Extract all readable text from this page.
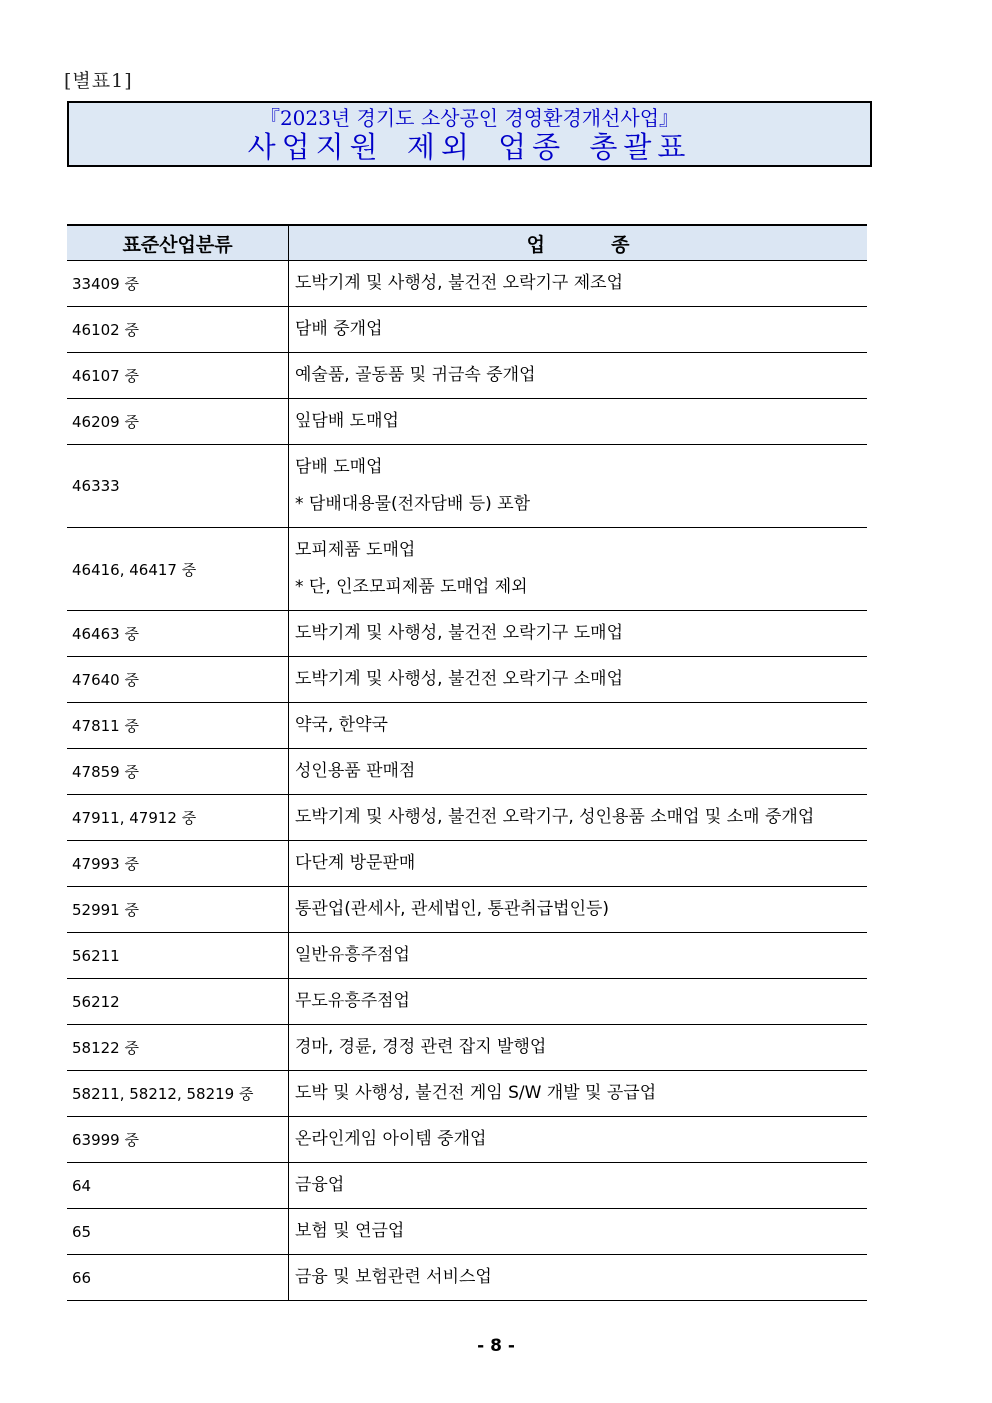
[별표1]
『2023년 경기도 소상공인 경영환경개선사업』
사업지원 제외 업종 총괄표
표준산업분류	업          종
33409 중	도박기계 및 사행성, 불건전 오락기구 제조업

46102 중	담배 중개업

46107 중	예술품, 골동품 및 귀금속 중개업

46209 중	잎담배 도매업

46333	담배 도매업
* 담배대용물(전자담배 등) 포함

46416, 46417 중	모피제품 도매업
* 단, 인조모피제품 도매업 제외

46463 중	도박기계 및 사행성, 불건전 오락기구 도매업

47640 중	도박기계 및 사행성, 불건전 오락기구 소매업

47811 중	약국, 한약국

47859 중	성인용품 판매점

47911, 47912 중	도박기계 및 사행성, 불건전 오락기구, 성인용품 소매업 및 소매 중개업

47993 중	다단계 방문판매

52991 중	통관업(관세사, 관세법인, 통관취급법인등)

56211	일반유흥주점업

56212	무도유흥주점업

58122 중	경마, 경륜, 경정 관련 잡지 발행업

58211, 58212, 58219 중	도박 및 사행성, 불건전 게임 S/W 개발 및 공급업

63999 중	온라인게임 아이템 중개업

64	금융업

65	보험 및 연금업

66	금융 및 보험관련 서비스업
- 8 -
